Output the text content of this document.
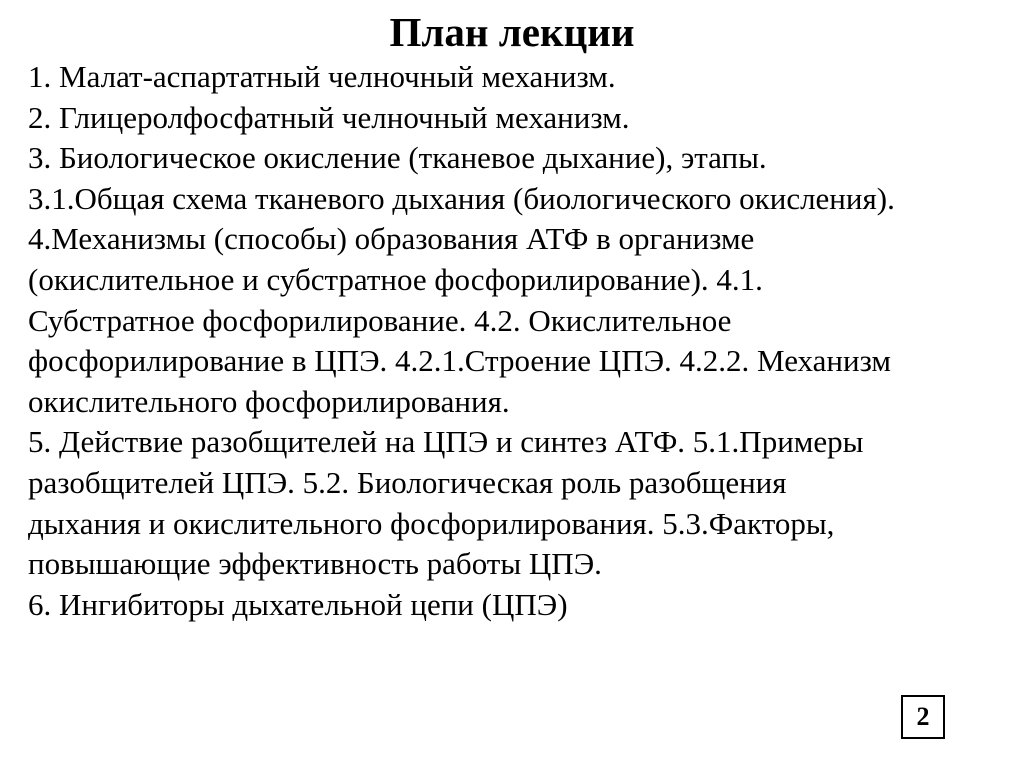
План лекции
1. Малат-аспартатный челночный механизм.
2. Глицеролфосфатный челночный механизм.
3. Биологическое окисление (тканевое дыхание), этапы.
3.1.Общая схема тканевого дыхания (биологического окисления).
4.Механизмы (способы) образования АТФ в организме
(окислительное и субстратное фосфорилирование). 4.1.
Субстратное фосфорилирование. 4.2. Окислительное
фосфорилирование в ЦПЭ. 4.2.1.Строение ЦПЭ. 4.2.2. Механизм
окислительного фосфорилирования.
5. Действие разобщителей на ЦПЭ и синтез АТФ. 5.1.Примеры
разобщителей ЦПЭ. 5.2. Биологическая роль разобщения
дыхания и окислительного фосфорилирования. 5.3.Факторы,
повышающие эффективность работы ЦПЭ.
6. Ингибиторы дыхательной цепи (ЦПЭ)
2
